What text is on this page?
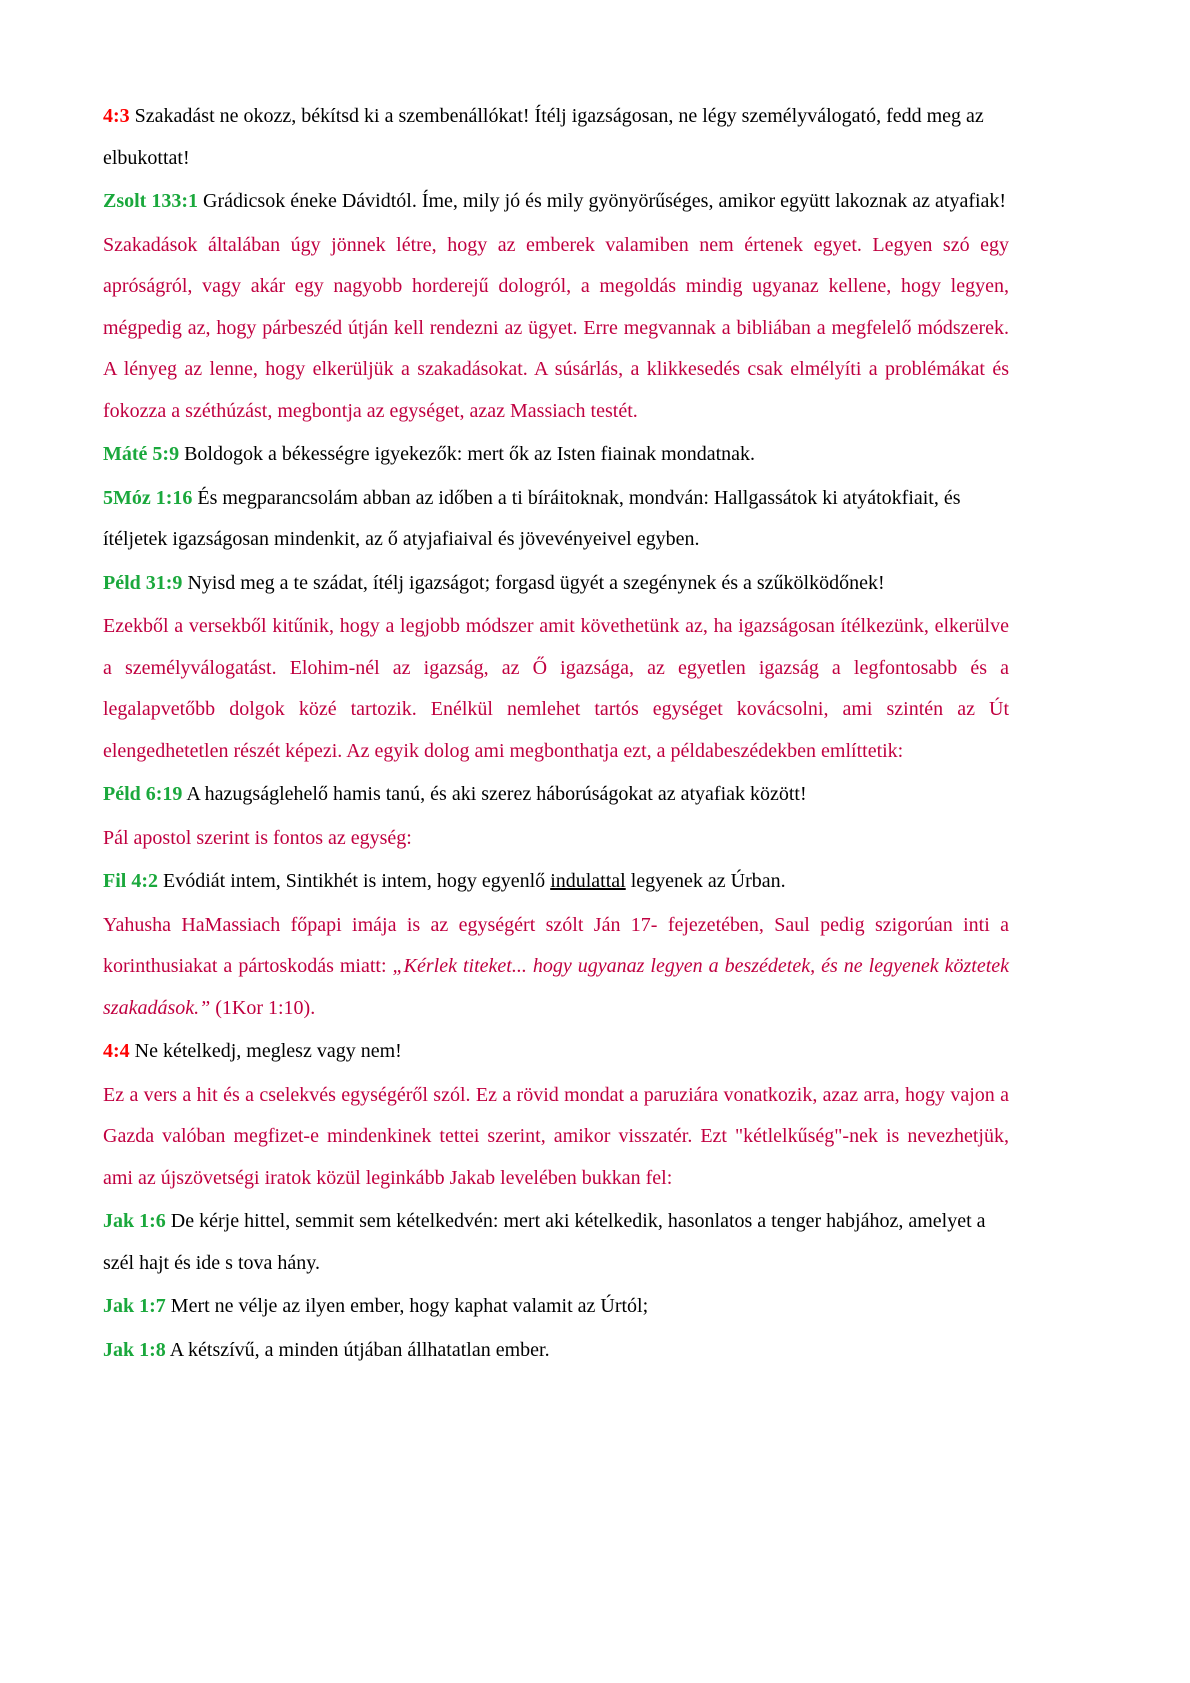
4:3 Szakadást ne okozz, békítsd ki a szembenállókat! Ítélj igazságosan, ne légy személyválogató, fedd meg az elbukottat!

Zsolt 133:1 Grádicsok éneke Dávidtól. Íme, mily jó és mily gyönyörűséges, amikor együtt lakoznak az atyafiak!

Szakadások általában úgy jönnek létre, hogy az emberek valamiben nem értenek egyet. Legyen szó egy apróságról, vagy akár egy nagyobb horderejű dologról, a megoldás mindig ugyanaz kellene, hogy legyen, mégpedig az, hogy párbeszéd útján kell rendezni az ügyet. Erre megvannak a bibliában a megfelelő módszerek. A lényeg az lenne, hogy elkerüljük a szakadásokat. A súsárlás, a klikkesedés csak elmélyíti a problémákat és fokozza a széthúzást, megbontja az egységet, azaz Massiach testét.

Máté 5:9 Boldogok a békességre igyekezők: mert ők az Isten fiainak mondatnak.

5Móz 1:16 És megparancsolám abban az időben a ti bíráitoknak, mondván: Hallgassátok ki atyátokfiait, és ítéljetek igazságosan mindenkit, az ő atyjafiaival és jövevényeivel egyben.

Péld 31:9 Nyisd meg a te szádat, ítélj igazságot; forgasd ügyét a szegénynek és a szűkölködőnek!

Ezekből a versekből kitűnik, hogy a legjobb módszer amit követhetünk az, ha igazságosan ítélkezünk, elkerülve a személyválogatást. Elohim-nél az igazság, az Ő igazsága, az egyetlen igazság a legfontosabb és a legalapvetőbb dolgok közé tartozik. Enélkül nemlehet tartós egységet kovácsolni, ami szintén az Út elengedhetetlen részét képezi. Az egyik dolog ami megbonthatja ezt, a példabeszédekben említtetik:

Péld 6:19 A hazugságlehelő hamis tanú, és aki szerez háborúságokat az atyafiak között!

Pál apostol szerint is fontos az egység:

Fil 4:2 Evódiát intem, Sintikhét is intem, hogy egyenlő indulattal legyenek az Úrban.

Yahusha HaMassiach főpapi imája is az egységért szólt Ján 17- fejezetében, Saul pedig szigorúan inti a korinthusiakat a pártoskodás miatt: „Kérlek titeket... hogy ugyanaz legyen a beszédetek, és ne legyenek köztetek szakadások.” (1Kor 1:10).

4:4 Ne kételkedj, meglesz vagy nem!

Ez a vers a hit és a cselekvés egységéről szól. Ez a rövid mondat a paruziára vonatkozik, azaz arra, hogy vajon a Gazda valóban megfizet-e mindenkinek tettei szerint, amikor visszatér. Ezt "kétlelkűség"-nek is nevezhetjük, ami az újszövetségi iratok közül leginkább Jakab levelében bukkan fel:

Jak 1:6 De kérje hittel, semmit sem kételkedvén: mert aki kételkedik, hasonlatos a tenger habjához, amelyet a szél hajt és ide s tova hány.

Jak 1:7 Mert ne vélje az ilyen ember, hogy kaphat valamit az Úrtól;

Jak 1:8 A kétszívű, a minden útjában állhatatlan ember.
